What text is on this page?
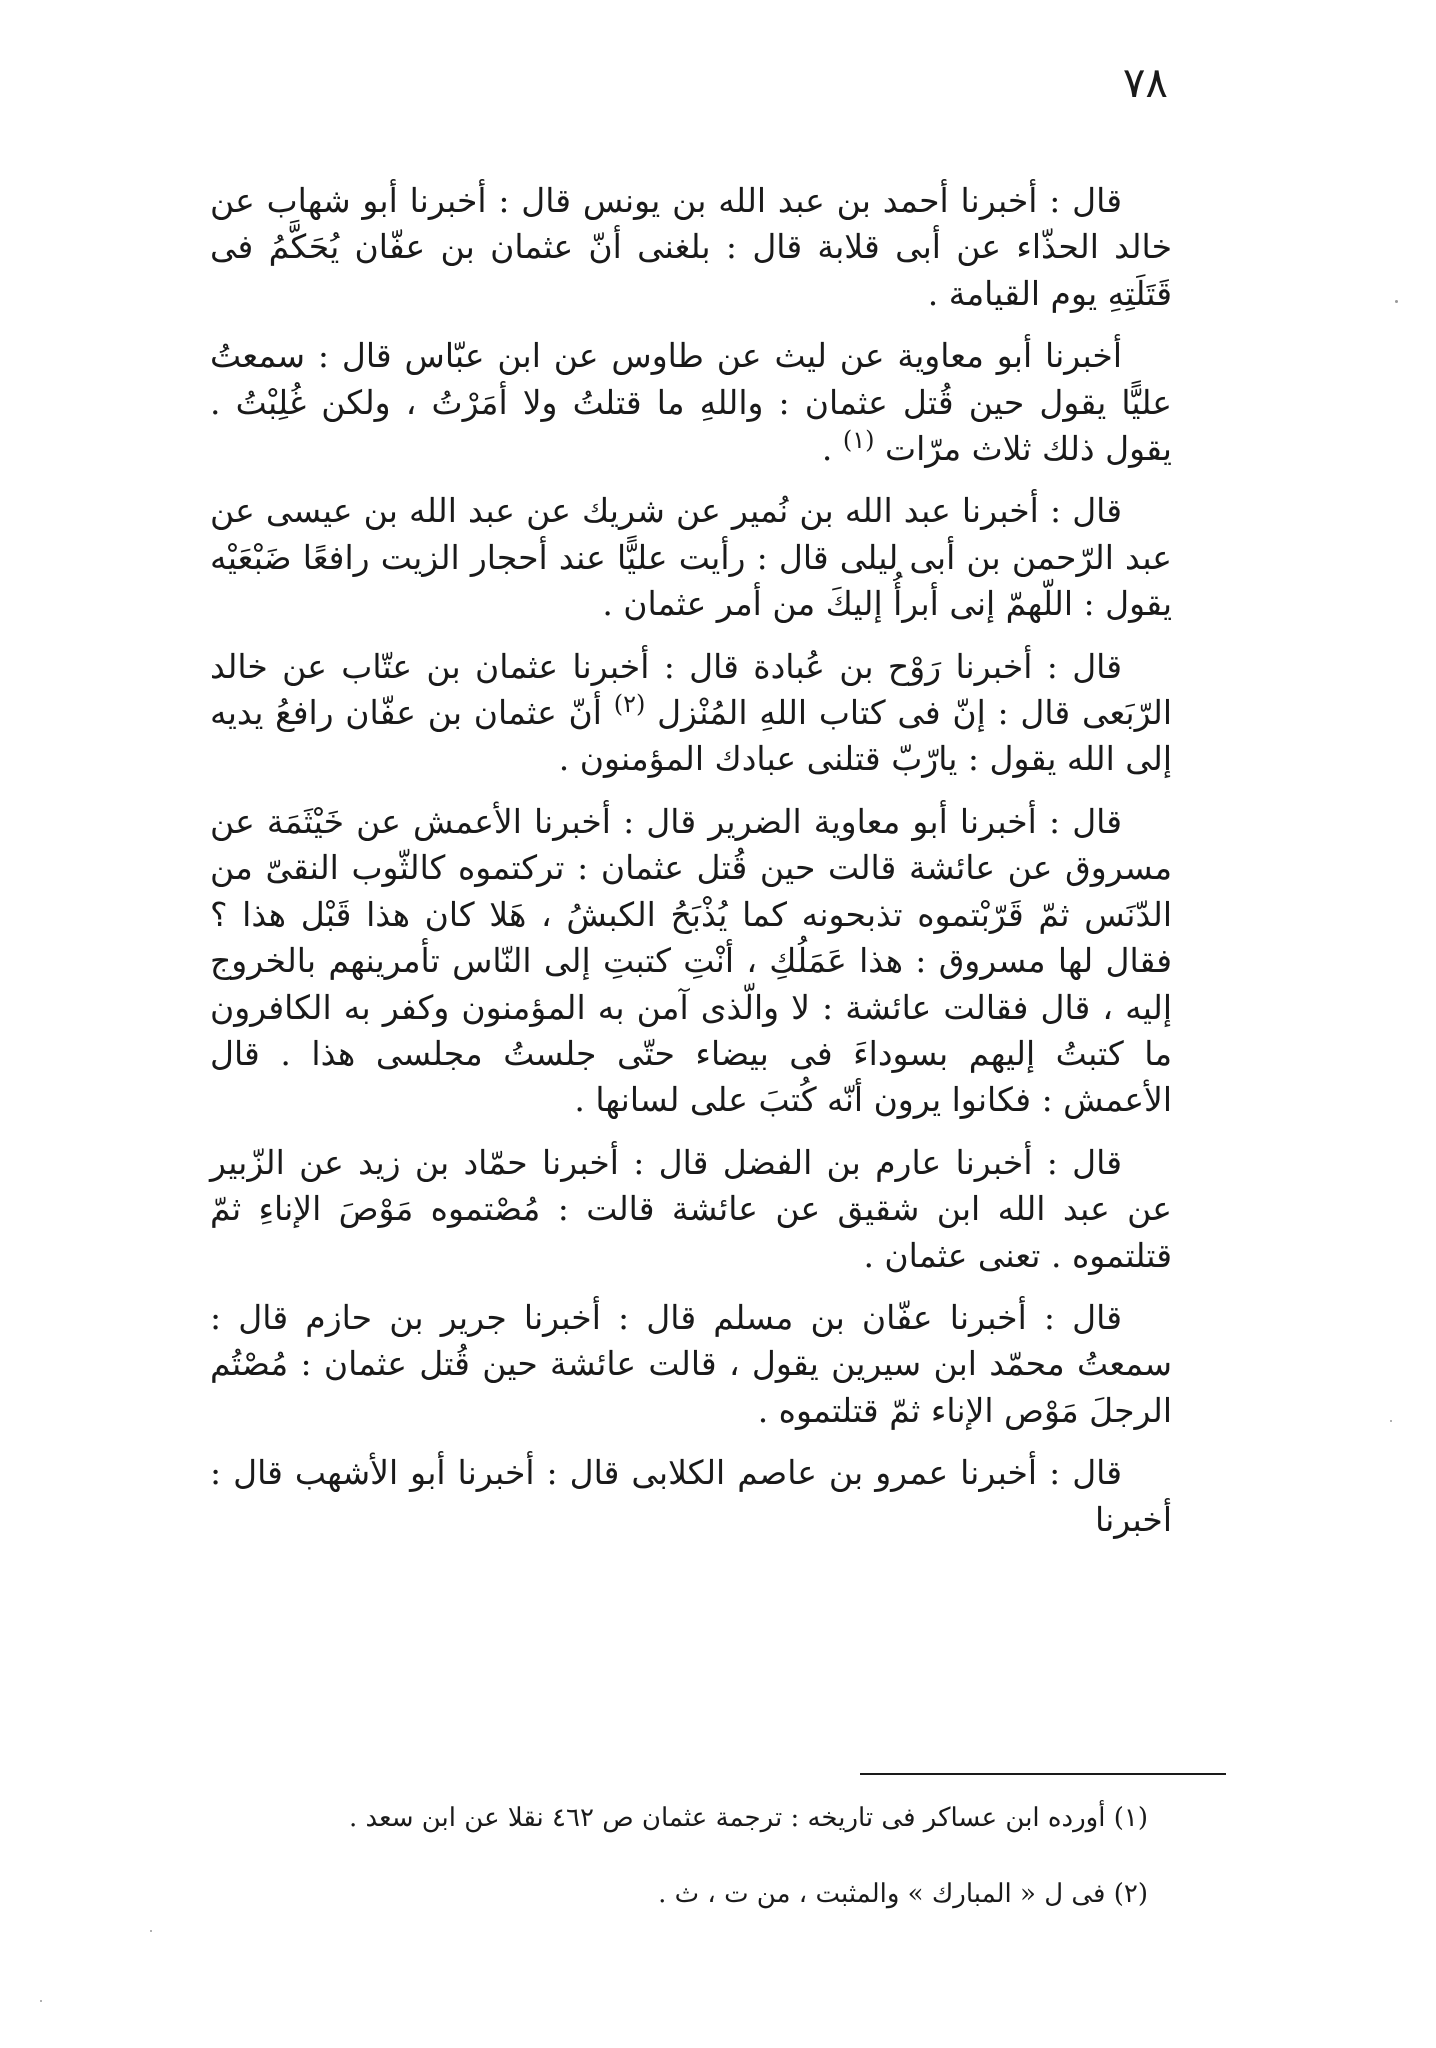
٧٨

قال : أخبرنا أحمد بن عبد الله بن يونس قال : أخبرنا أبو شهاب عن خالد الحذّاء عن أبى قلابة قال : بلغنى أنّ عثمان بن عفّان يُحَكَّمُ فى قَتَلَتِهِ يوم القيامة .

أخبرنا أبو معاوية عن ليث عن طاوس عن ابن عبّاس قال : سمعتُ عليًّا يقول حين قُتل عثمان : واللهِ ما قتلتُ ولا أمَرْتُ ، ولكن غُلِبْتُ . يقول ذلك ثلاث مرّات $^{(١)}$ .

قال : أخبرنا عبد الله بن نُمير عن شريك عن عبد الله بن عيسى عن عبد الرّحمن بن أبى ليلى قال : رأيت عليًّا عند أحجار الزيت رافعًا ضَبْعَيْه يقول : اللّهمّ إنى أبرأُ إليكَ من أمر عثمان .

قال : أخبرنا رَوْح بن عُبادة قال : أخبرنا عثمان بن عتّاب عن خالد الرّبَعى قال : إنّ فى كتاب اللهِ المُنْزل $^{(٢)}$ أنّ عثمان بن عفّان رافعُ يديه إلى الله يقول : يارّبّ قتلنى عبادك المؤمنون .

قال : أخبرنا أبو معاوية الضرير قال : أخبرنا الأعمش عن خَيْثَمَة عن مسروق عن عائشة قالت حين قُتل عثمان : تركتموه كالثّوب النقىّ من الدّنَس ثمّ قَرّبْتموه تذبحونه كما يُذْبَحُ الكبشُ ، هَلا كان هذا قَبْل هذا ؟ فقال لها مسروق : هذا عَمَلُكِ ، أنْتِ كتبتِ إلى النّاس تأمرينهم بالخروج إليه ، قال فقالت عائشة : لا والّذى آمن به المؤمنون وكفر به الكافرون ما كتبتُ إليهم بسوداءَ فى بيضاء حتّى جلستُ مجلسى هذا . قال الأعمش : فكانوا يرون أنّه كُتبَ على لسانها .

قال : أخبرنا عارم بن الفضل قال : أخبرنا حمّاد بن زيد عن الزّبير عن عبد الله ابن شقيق عن عائشة قالت : مُصْتموه مَوْصَ الإناءِ ثمّ قتلتموه . تعنى عثمان .

قال : أخبرنا عفّان بن مسلم قال : أخبرنا جرير بن حازم قال : سمعتُ محمّد ابن سيرين يقول ، قالت عائشة حين قُتل عثمان : مُصْتُم الرجلَ مَوْص الإناء ثمّ قتلتموه .

قال : أخبرنا عمرو بن عاصم الكلابى قال : أخبرنا أبو الأشهب قال : أخبرنا

(١) أورده ابن عساكر فى تاريخه : ترجمة عثمان ص ٤٦٢ نقلا عن ابن سعد .

(٢) فى ل « المبارك » والمثبت ، من ت ، ث .
